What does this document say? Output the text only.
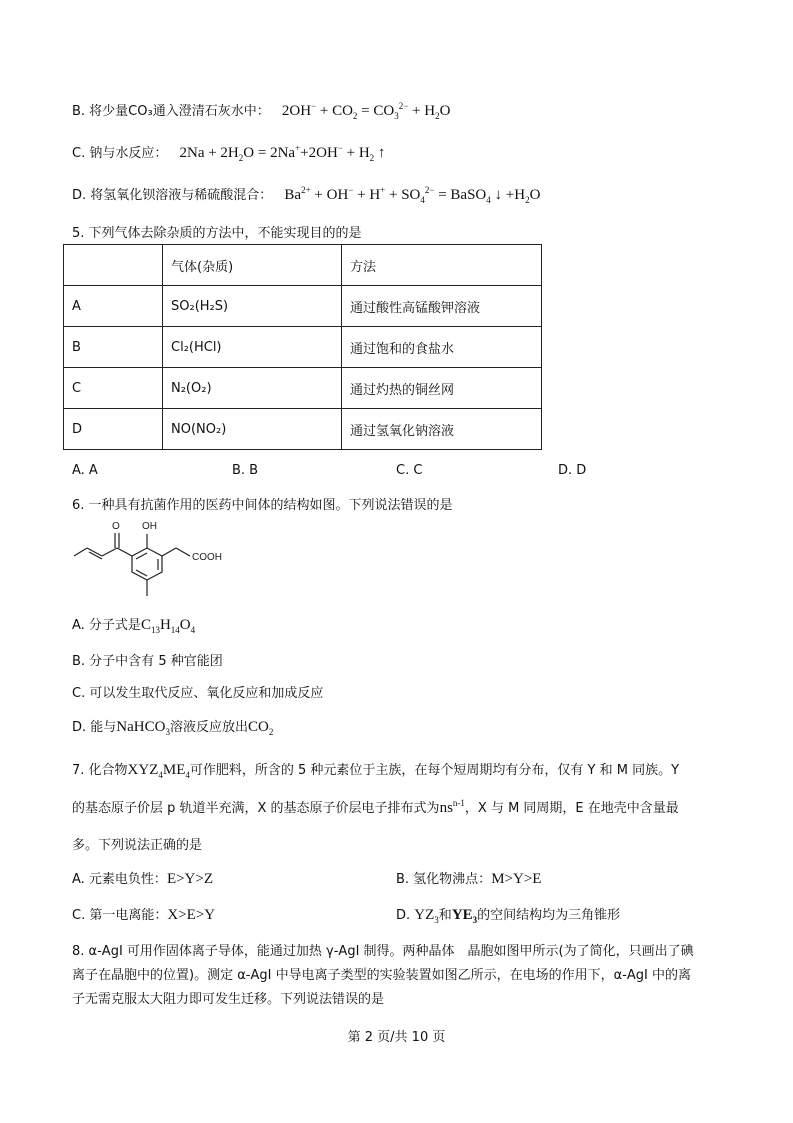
B. 将少量CO₃通入澄清石灰水中： $2OH^- + CO_2 = CO_3^{2-} + H_2O$
C. 钠与水反应： $2Na + 2H_2O = 2Na^++2OH^- + H_2$ ↑
D. 将氢氧化钡溶液与稀硫酸混合： $Ba^{2+} + OH^- + H^+ + SO_4^{2-}$ = BaSO$_4$ ↓ $+H_2O$
5. 下列气体去除杂质的方法中，不能实现目的的是
	气体(杂质)	方法
A	SO₂(H₂S)	通过酸性高锰酸钾溶液
B	Cl₂(HCl)	通过饱和的食盐水
C	N₂(O₂)	通过灼热的铜丝网
D	NO(NO₂)	通过氢氧化钠溶液
A. A	B. B	C. C	D. D
6. 一种具有抗菌作用的医药中间体的结构如图。下列说法错误的是
O OH
COOH
A. 分子式是$C_{13}H_{14}O_4$
B. 分子中含有 5 种官能团
C. 可以发生取代反应、氧化反应和加成反应
D. 能与NaHCO$_3$溶液反应放出$CO_2$
7. 化合物$XYZ_4ME_4$可作肥料，所含的 5 种元素位于主族，在每个短周期均有分布，仅有 Y 和 M 同族。Y
的基态原子价层 p 轨道半充满，X 的基态原子价层电子排布式为$ns^{n-1}$，X 与 M 同周期，E 在地壳中含量最
多。下列说法正确的是
A. 元素电负性：E>Y>Z	B. 氢化物沸点：M>Y>E
C. 第一电离能：X>E>Y	D. $YZ_3$和$YE_3$的空间结构均为三角锥形
8. α-AgI 可用作固体离子导体，能通过加热 γ-AgI 制得。两种晶体　晶胞如图甲所示(为了简化，只画出了碘
离子在晶胞中的位置)。测定 α-AgI 中导电离子类型的实验装置如图乙所示，在电场的作用下，α-AgI 中的离
子无需克服太大阻力即可发生迁移。下列说法错误的是
第 2 页/共 10 页
